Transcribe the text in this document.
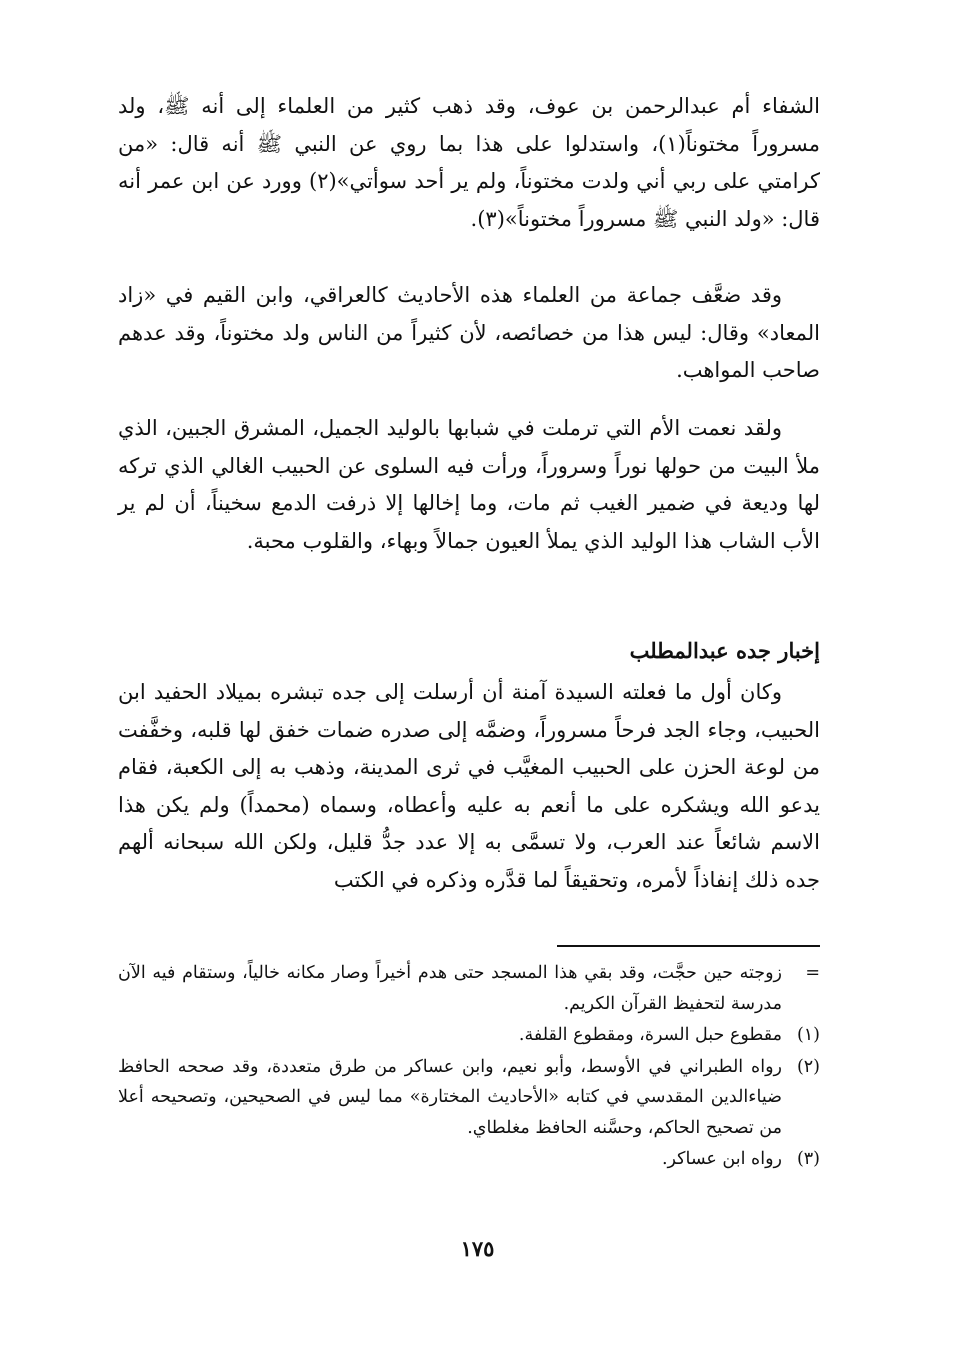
الشفاء أم عبدالرحمن بن عوف، وقد ذهب كثير من العلماء إلى أنه ﷺ، ولد مسروراً مختوناً(١)، واستدلوا على هذا بما روي عن النبي ﷺ أنه قال: «من كرامتي على ربي أني ولدت مختوناً، ولم ير أحد سوأتي»(٢) وورد عن ابن عمر أنه قال: «ولد النبي ﷺ مسروراً مختوناً»(٣).

وقد ضعَّف جماعة من العلماء هذه الأحاديث كالعراقي، وابن القيم في «زاد المعاد» وقال: ليس هذا من خصائصه، لأن كثيراً من الناس ولد مختوناً، وقد عدهم صاحب المواهب.

ولقد نعمت الأم التي ترملت في شبابها بالوليد الجميل، المشرق الجبين، الذي ملأ البيت من حولها نوراً وسروراً، ورأت فيه السلوى عن الحبيب الغالي الذي تركه لها وديعة في ضمير الغيب ثم مات، وما إخالها إلا ذرفت الدمع سخيناً، أن لم ير الأب الشاب هذا الوليد الذي يملأ العيون جمالاً وبهاء، والقلوب محبة.

إخبار جده عبدالمطلب

وكان أول ما فعلته السيدة آمنة أن أرسلت إلى جده تبشره بميلاد الحفيد ابن الحبيب، وجاء الجد فرحاً مسروراً، وضمَّه إلى صدره ضمات خفق لها قلبه، وخفَّفت من لوعة الحزن على الحبيب المغيَّب في ثرى المدينة، وذهب به إلى الكعبة، فقام يدعو الله ويشكره على ما أنعم به عليه وأعطاه، وسماه (محمداً) ولم يكن هذا الاسم شائعاً عند العرب، ولا تسمَّى به إلا عدد جدُّ قليل، ولكن الله سبحانه ألهم جده ذلك إنفاذاً لأمره، وتحقيقاً لما قدَّره وذكره في الكتب

=
زوجته حين حجَّت، وقد بقي هذا المسجد حتى هدم أخيراً وصار مكانه خالياً، وستقام فيه الآن مدرسة لتحفيظ القرآن الكريم.
(١)
مقطوع حبل السرة، ومقطوع القلفة.
(٢)
رواه الطبراني في الأوسط، وأبو نعيم، وابن عساكر من طرق متعددة، وقد صححه الحافظ ضياءالدين المقدسي في كتابه «الأحاديث المختارة» مما ليس في الصحيحين، وتصحيحه أعلا من تصحيح الحاكم، وحسَّنه الحافظ مغلطاي.
(٣)
رواه ابن عساكر.
١٧٥
